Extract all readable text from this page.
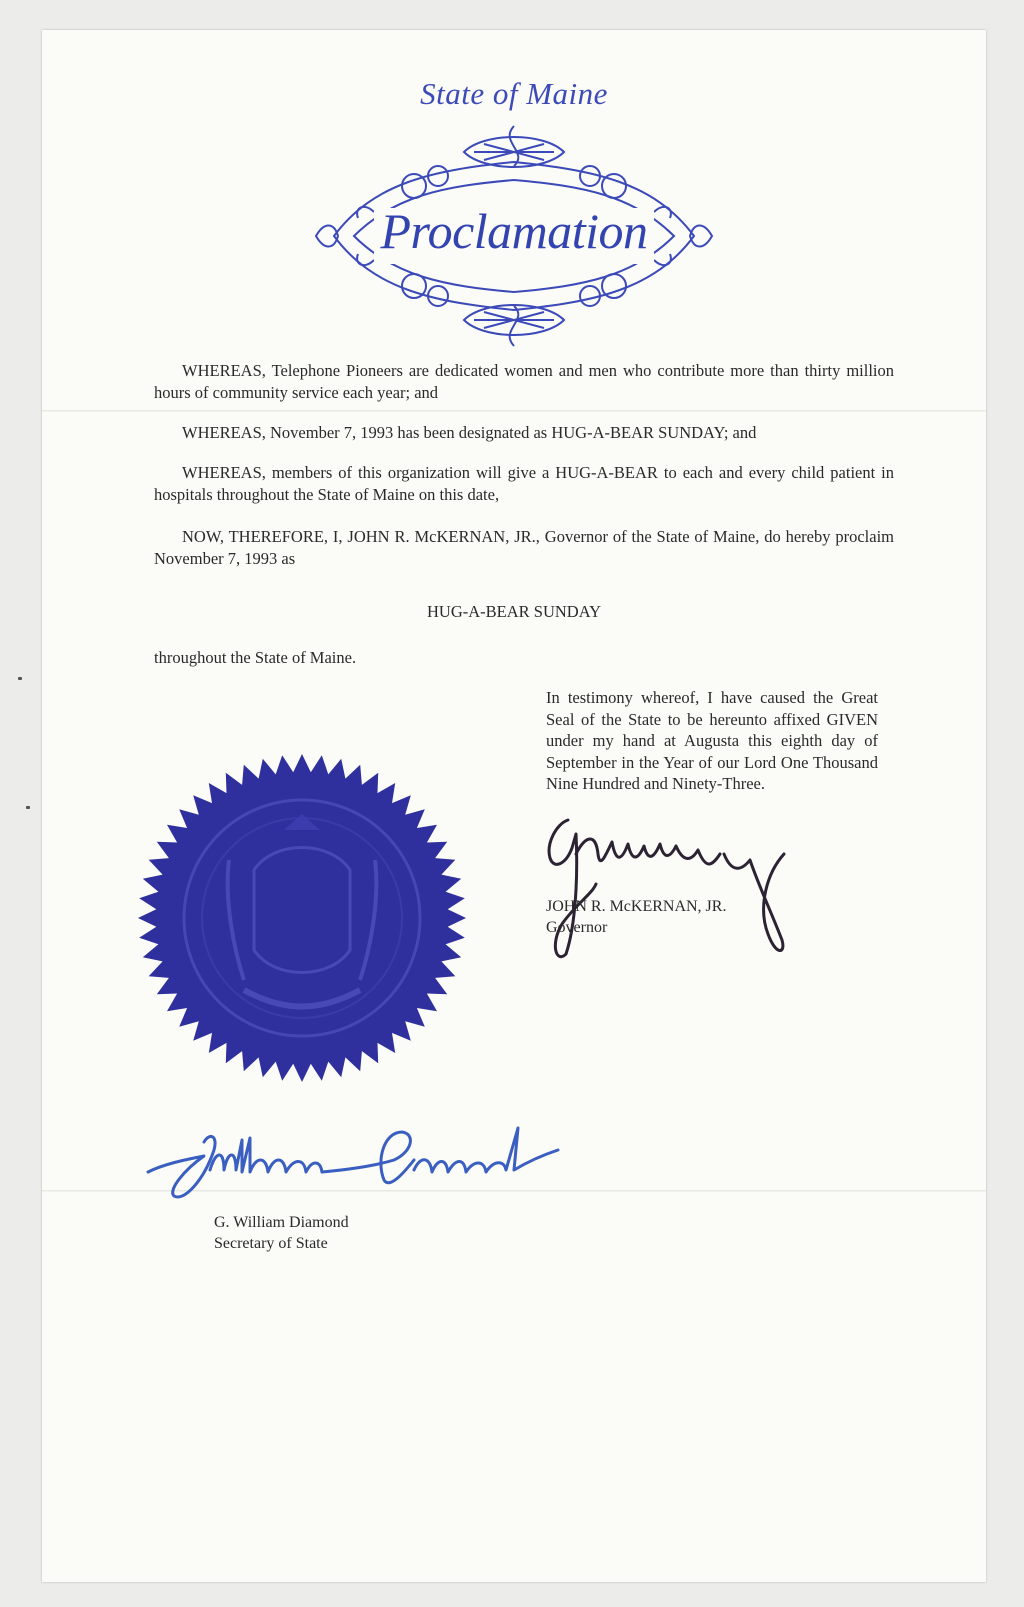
State of Maine
Proclamation

WHEREAS, Telephone Pioneers are dedicated women and men who contribute more than thirty million hours of community service each year; and

WHEREAS, November 7, 1993 has been designated as HUG-A-BEAR SUNDAY; and

WHEREAS, members of this organization will give a HUG-A-BEAR to each and every child patient in hospitals throughout the State of Maine on this date,

NOW, THEREFORE, I, JOHN R. McKERNAN, JR., Governor of the State of Maine, do hereby proclaim November 7, 1993 as

HUG-A-BEAR SUNDAY
throughout the State of Maine.
In testimony whereof, I have caused the Great Seal of the State to be hereunto affixed GIVEN under my hand at Augusta this eighth day of September in the Year of our Lord One Thousand Nine Hundred and Ninety-Three.
JOHN R. McKERNAN, JR.
Governor
G. William Diamond
Secretary of State
